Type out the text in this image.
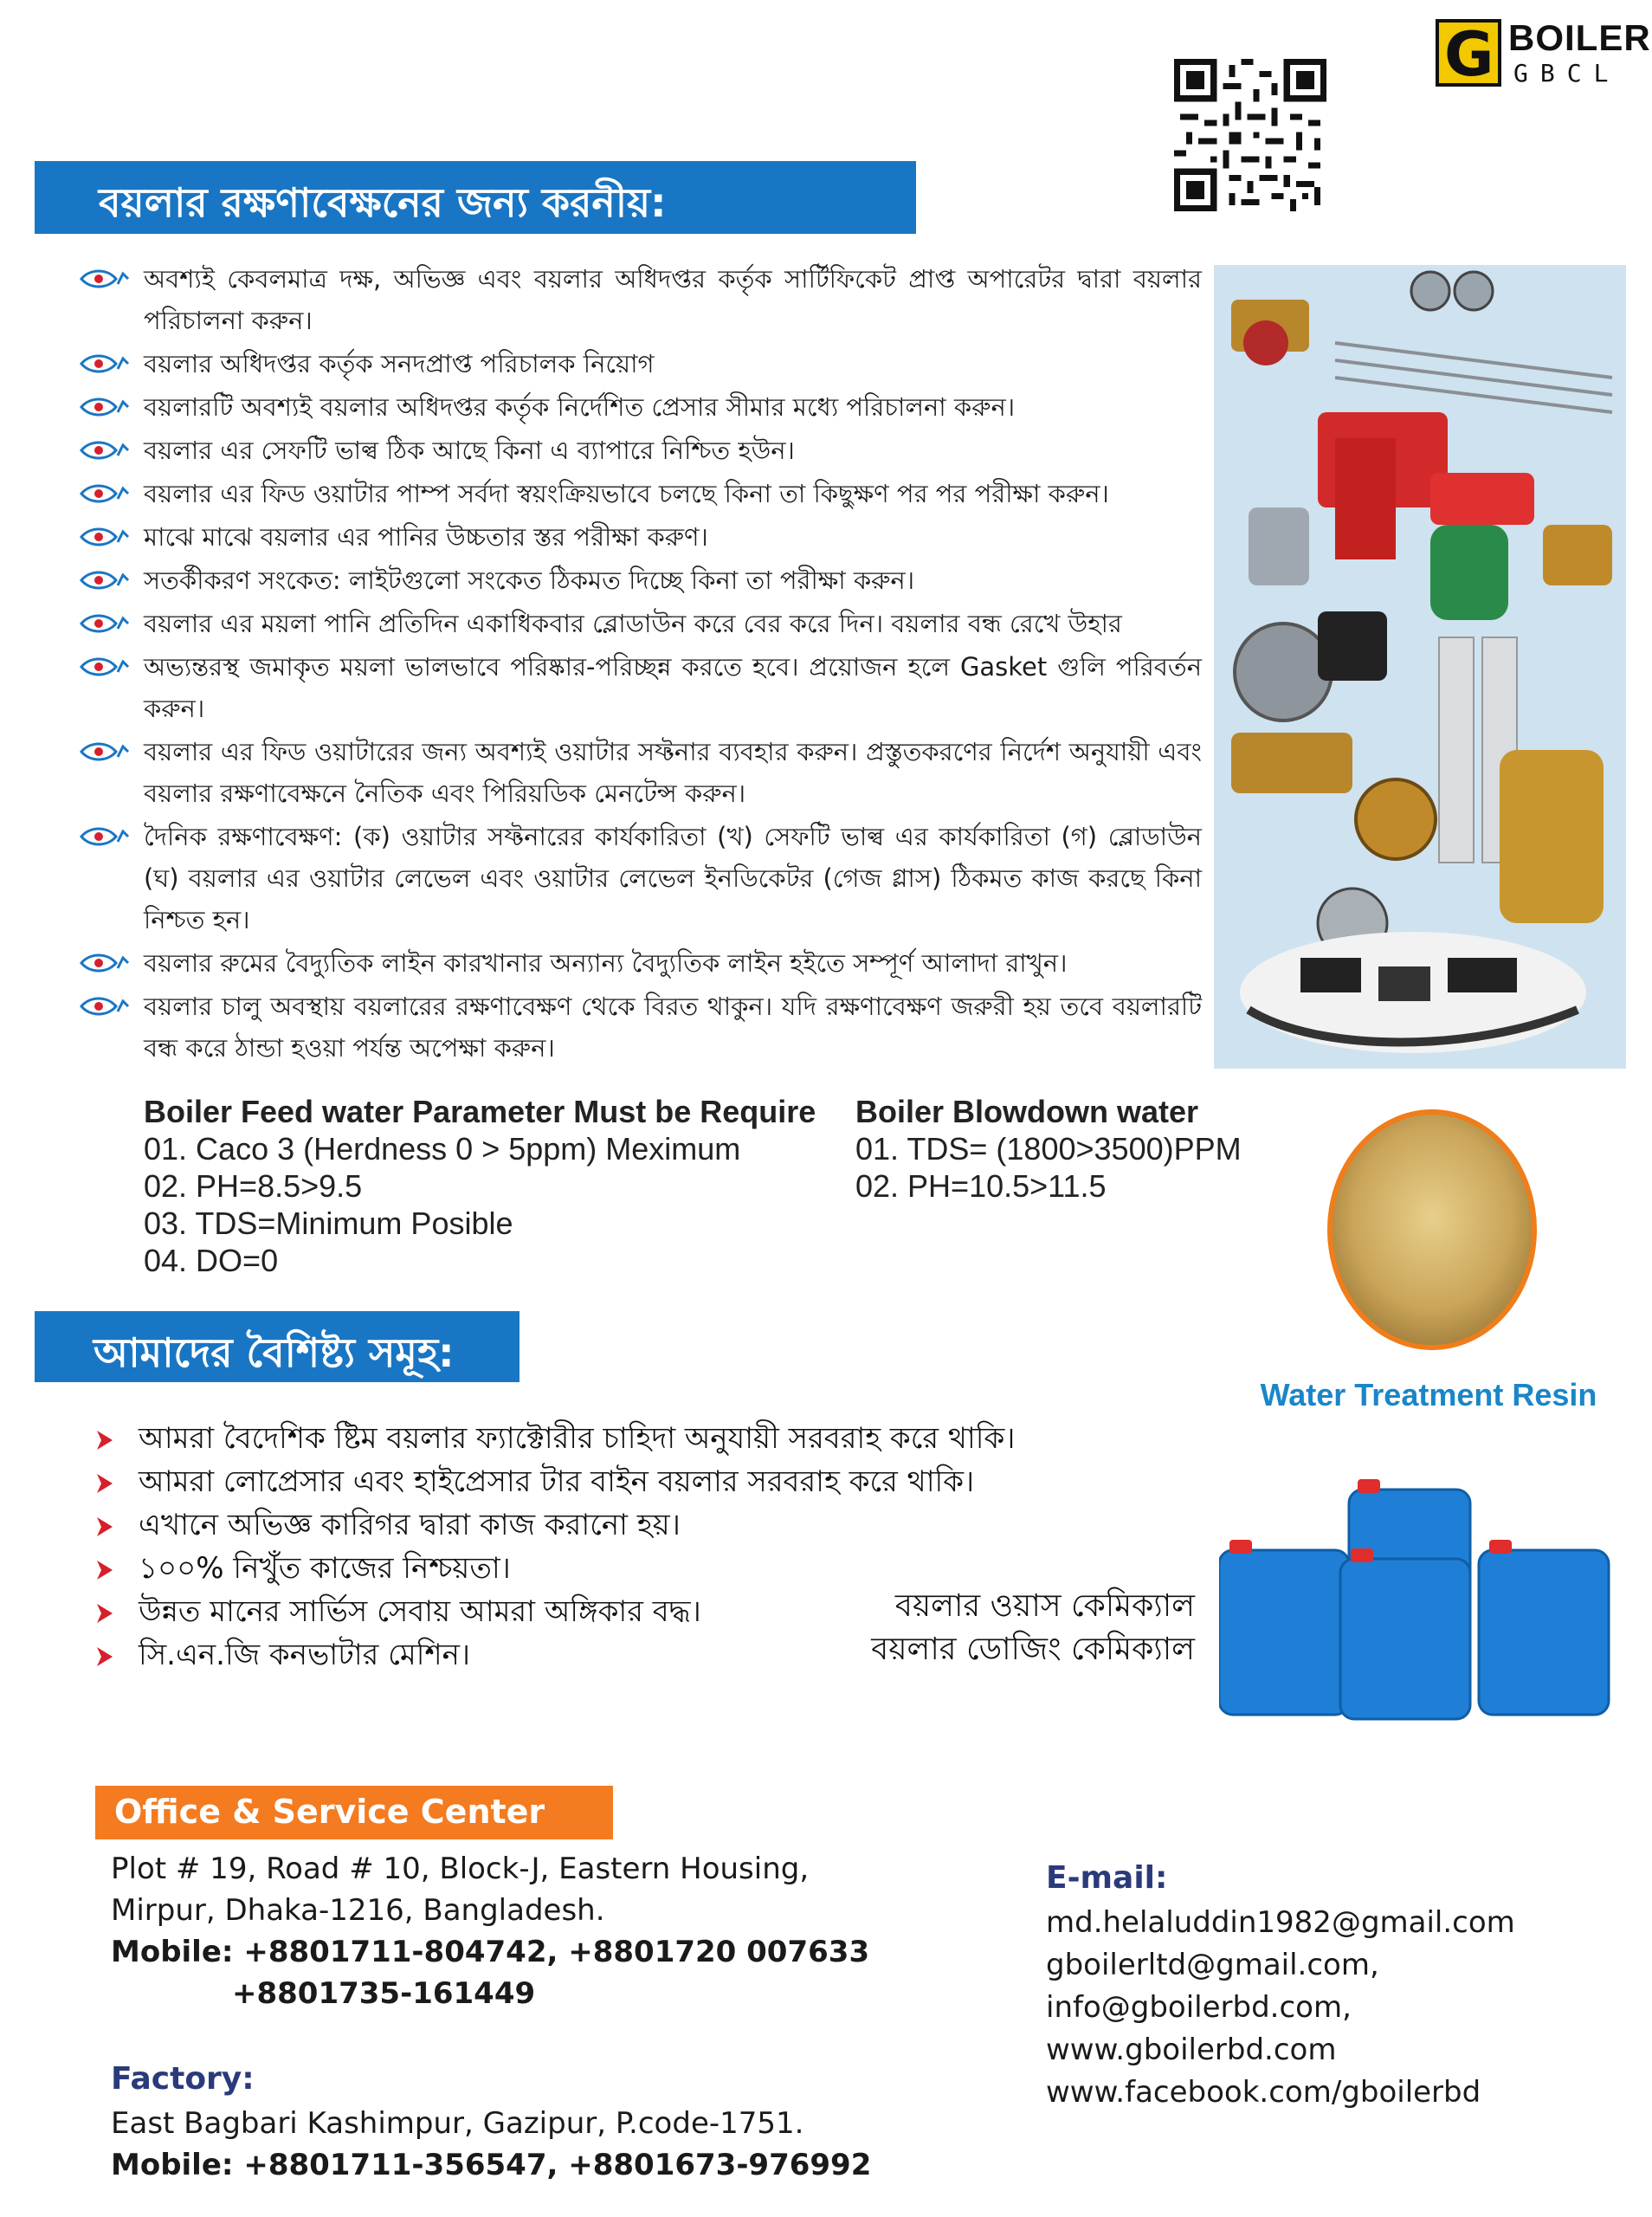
G BOILER
GBCL
বয়লার রক্ষণাবেক্ষনের জন্য করনীয়:
অবশ্যই কেবলমাত্র দক্ষ, অভিজ্ঞ এবং বয়লার অধিদপ্তর কর্তৃক সার্টিফিকেট প্রাপ্ত অপারেটর দ্বারা বয়লার পরিচালনা করুন।
বয়লার অধিদপ্তর কর্তৃক সনদপ্রাপ্ত পরিচালক নিয়োগ
বয়লারটি অবশ্যই বয়লার অধিদপ্তর কর্তৃক নির্দেশিত প্রেসার সীমার মধ্যে পরিচালনা করুন।
বয়লার এর সেফটি ভাল্ব ঠিক আছে কিনা এ ব্যাপারে নিশ্চিত হউন।
বয়লার এর ফিড ওয়াটার পাম্প সর্বদা স্বয়ংক্রিয়ভাবে চলছে কিনা তা কিছুক্ষণ পর পর পরীক্ষা করুন।
মাঝে মাঝে বয়লার এর পানির উচ্চতার স্তর পরীক্ষা করুণ।
সতর্কীকরণ সংকেত: লাইটগুলো সংকেত ঠিকমত দিচ্ছে কিনা তা পরীক্ষা করুন।
বয়লার এর ময়লা পানি প্রতিদিন একাধিকবার ব্লোডাউন করে বের করে দিন। বয়লার বন্ধ রেখে উহার
অভ্যন্তরস্থ জমাকৃত ময়লা ভালভাবে পরিষ্কার-পরিচ্ছন্ন করতে হবে। প্রয়োজন হলে Gasket গুলি পরিবর্তন করুন।
বয়লার এর ফিড ওয়াটারের জন্য অবশ্যই ওয়াটার সফ্টনার ব্যবহার করুন। প্রস্তুতকরণের নির্দেশ অনুযায়ী এবং বয়লার রক্ষণাবেক্ষনে নৈতিক এবং পিরিয়ডিক মেনটেন্স করুন।
দৈনিক রক্ষণাবেক্ষণ: (ক) ওয়াটার সফ্টনারের কার্যকারিতা (খ) সেফটি ভাল্ব এর কার্যকারিতা (গ) ব্লোডাউন (ঘ) বয়লার এর ওয়াটার লেভেল এবং ওয়াটার লেভেল ইনডিকেটর (গেজ গ্লাস) ঠিকমত কাজ করছে কিনা নিশ্চত হন।
বয়লার রুমের বৈদ্যুতিক লাইন কারখানার অন্যান্য বৈদ্যুতিক লাইন হইতে সম্পূর্ণ আলাদা রাখুন।
বয়লার চালু অবস্থায় বয়লারের রক্ষণাবেক্ষণ থেকে বিরত থাকুন। যদি রক্ষণাবেক্ষণ জরুরী হয় তবে বয়লারটি বন্ধ করে ঠান্ডা হওয়া পর্যন্ত অপেক্ষা করুন।
Boiler Feed water Parameter Must be Require
01. Caco 3 (Herdness 0 > 5ppm) Meximum
02. PH=8.5>9.5
03. TDS=Minimum Posible
04. DO=0
Boiler Blowdown water
01. TDS= (1800>3500)PPM
02. PH=10.5>11.5
Water Treatment Resin
আমাদের বৈশিষ্ট্য সমূহ:
আমরা বৈদেশিক ষ্টিম বয়লার ফ্যাক্টোরীর চাহিদা অনুযায়ী সরবরাহ করে থাকি।
আমরা লোপ্রেসার এবং হাইপ্রেসার টার বাইন বয়লার সরবরাহ করে থাকি।
এখানে অভিজ্ঞ কারিগর দ্বারা কাজ করানো হয়।
১০০% নিখুঁত কাজের নিশ্চয়তা।
উন্নত মানের সার্ভিস সেবায় আমরা অঙ্গিকার বদ্ধ।
সি.এন.জি কনভাটার মেশিন।
বয়লার ওয়াস কেমিক্যাল
বয়লার ডোজিং কেমিক্যাল
Office & Service Center
Plot # 19, Road # 10, Block-J, Eastern Housing,
Mirpur, Dhaka-1216, Bangladesh.
Mobile: +8801711-804742, +8801720 007633
+8801735-161449
Factory:
East Bagbari Kashimpur, Gazipur, P.code-1751.
Mobile: +8801711-356547, +8801673-976992
E-mail:
md.helaluddin1982@gmail.com
gboilerltd@gmail.com,
info@gboilerbd.com,
www.gboilerbd.com
www.facebook.com/gboilerbd
